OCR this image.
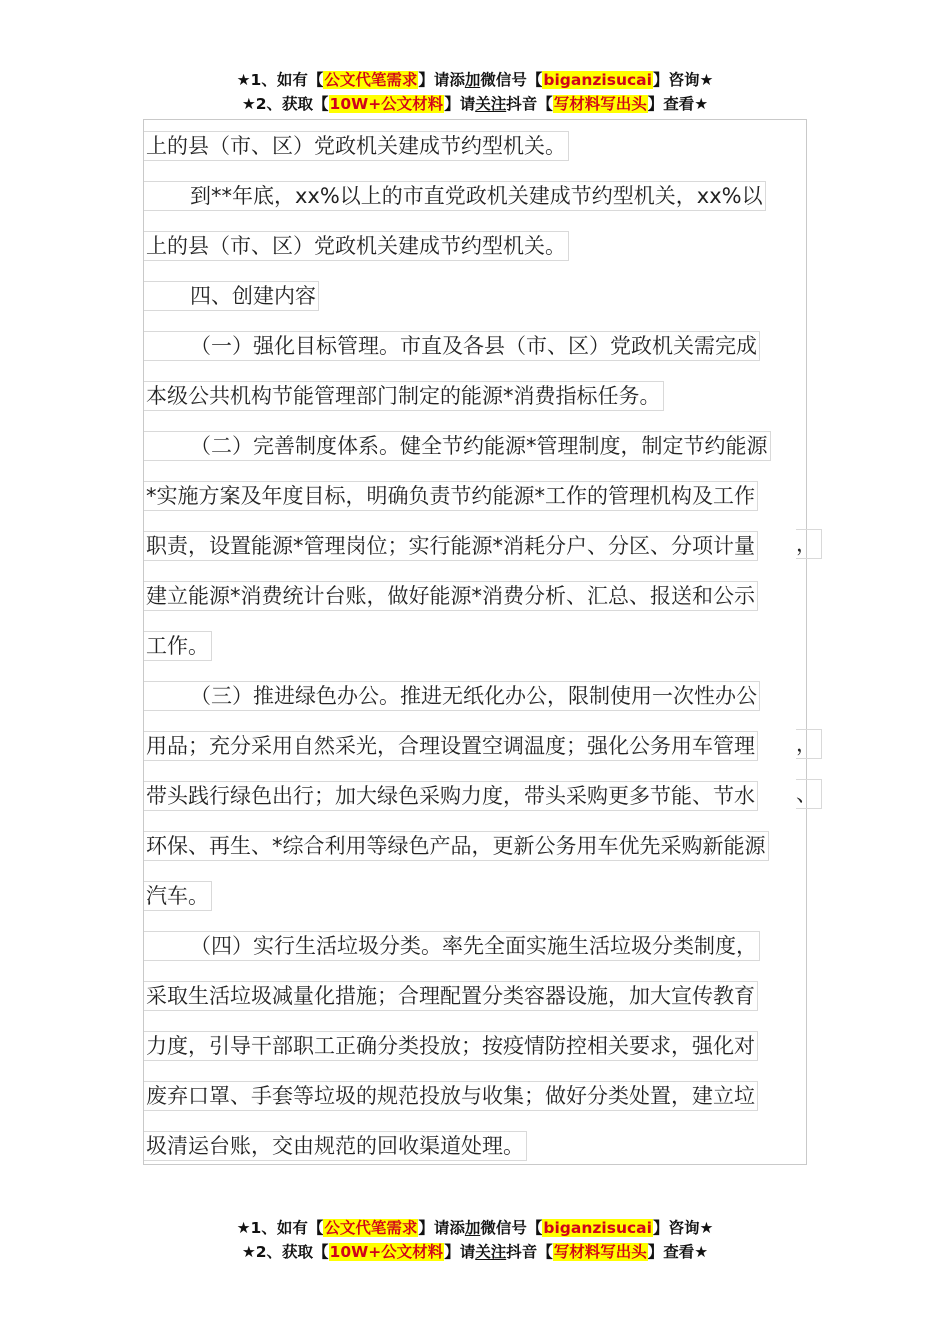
★1、如有【公文代笔需求】请添加微信号【biganzisucai】咨询★
★2、获取【10W+公文材料】请关注抖音【写材料写出头】查看★
上的县（市、区）党政机关建成节约型机关。
到**年底，xx%以上的市直党政机关建成节约型机关，xx%以
上的县（市、区）党政机关建成节约型机关。
四、创建内容
（一）强化目标管理。市直及各县（市、区）党政机关需完成
本级公共机构节能管理部门制定的能源*消费指标任务。
（二）完善制度体系。健全节约能源*管理制度，制定节约能源
*实施方案及年度目标，明确负责节约能源*工作的管理机构及工作
职责，设置能源*管理岗位；实行能源*消耗分户、分区、分项计量 ，
建立能源*消费统计台账，做好能源*消费分析、汇总、报送和公示
工作。
（三）推进绿色办公。推进无纸化办公，限制使用一次性办公
用品；充分采用自然采光，合理设置空调温度；强化公务用车管理 ，
带头践行绿色出行；加大绿色采购力度，带头采购更多节能、节水 、
环保、再生、*综合利用等绿色产品，更新公务用车优先采购新能源
汽车。
（四）实行生活垃圾分类。率先全面实施生活垃圾分类制度，
采取生活垃圾减量化措施；合理配置分类容器设施，加大宣传教育
力度，引导干部职工正确分类投放；按疫情防控相关要求，强化对
废弃口罩、手套等垃圾的规范投放与收集；做好分类处置，建立垃
圾清运台账，交由规范的回收渠道处理。
★1、如有【公文代笔需求】请添加微信号【biganzisucai】咨询★
★2、获取【10W+公文材料】请关注抖音【写材料写出头】查看★
